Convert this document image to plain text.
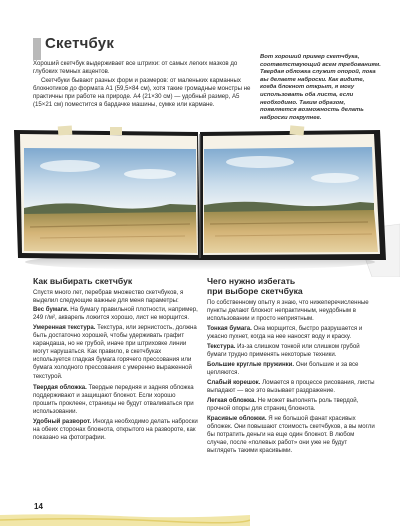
Скетчбук
Хороший скетчбук выдерживает все штрихи: от самых легких мазков до глубоких темных акцентов.
Скетчбуки бывают разных форм и размеров: от маленьких карманных блокнотиков до формата А1 (59,5×84 см), хотя такие громадные монстры не практичны при работе на природе. А4 (21×30 см) — удобный размер, А5 (15×21 см) поместится в бардачке машины, сумке или кармане.
Вот хороший пример скетчбука, соответствующий всем требованиям. Твердая обложка служит опорой, пока вы делаете наброски. Как видите, когда блокнот открыт, я могу использовать оба листа, если необходимо. Таким образом, появляется возможность делать наброски покрупнее.
Как выбирать скетчбук
Спустя много лет, перебрав множество скетчбуков, я выделил следующие важные для меня параметры:
Вес бумаги. На бумагу правильной плотности, например, 249 г/м², акварель ложится хорошо, лист не морщится.
Умеренная текстура. Текстура, или зернистость, должна быть достаточно хорошей, чтобы удерживать графит карандаша, но не грубой, иначе при штриховке линии могут нарушаться. Как правило, в скетчбуках используется гладкая бумага горячего прессования или бумага холодного прессования с умеренно выраженной текстурой.
Твердая обложка. Твердые передняя и задняя обложка поддерживают и защищают блокнот. Если хорошо прошить проклеен, страницы не будут отваливаться при использовании.
Удобный разворот. Иногда необходимо делать наброски на обеих сторонах блокнота, открытого на развороте, как показано на фотографии.
Чего нужно избегать
при выборе скетчбука
По собственному опыту я знаю, что нижеперечисленные пункты делают блокнот непрактичным, неудобным в использовании и просто неприятным.
Тонкая бумага. Она морщится, быстро разрушается и ужасно пухнет, когда на нее наносят воду и краску.
Текстура. Из-за слишком тонкой или слишком грубой бумаги трудно применять некоторые техники.
Большие круглые пружинки. Они большие и за все цепляются.
Слабый корешок. Ломается в процессе рисования, листы выпадают — все это вызывает раздражение.
Легкая обложка. Не может выполнять роль твердой, прочной опоры для страниц блокнота.
Красивые обложки. Я не большой фанат красивых обложек. Они повышают стоимость скетчбуков, а вы могли бы потратить деньги на еще один блокнот. В любом случае, после «полевых работ» они уже не будут выглядеть такими красивыми.
14
